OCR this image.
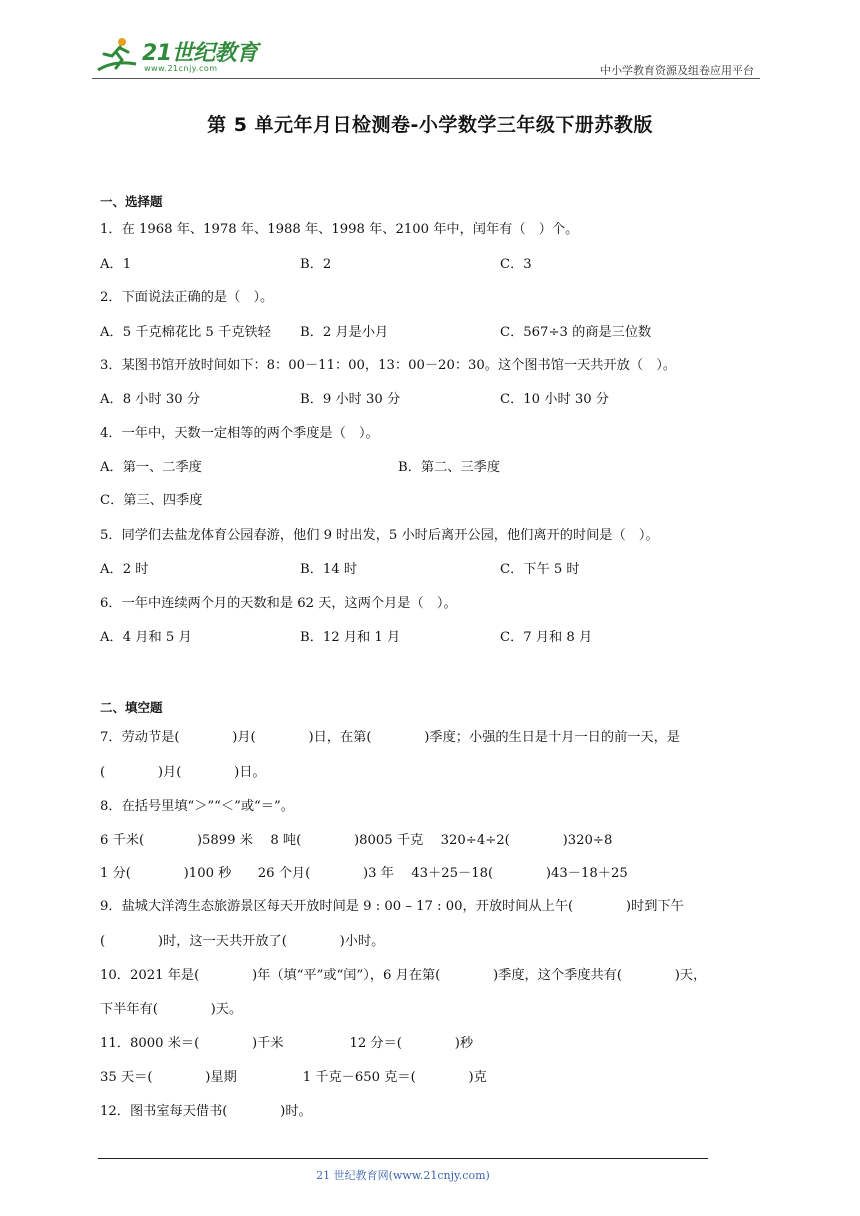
21世纪教育
www.21cnjy.com	中小学教育资源及组卷应用平台
第 5 单元年月日检测卷-小学数学三年级下册苏教版
一、选择题
1．在 1968 年、1978 年、1988 年、1998 年、2100 年中，闰年有（　）个。
A．1	B．2	C．3
2．下面说法正确的是（　）。
A．5 千克棉花比 5 千克铁轻 B．2 月是小月	C．567÷3 的商是三位数
3．某图书馆开放时间如下：8：00－11：00，13：00－20：30。这个图书馆一天共开放（　）。
A．8 小时 30 分	B．9 小时 30 分	C．10 小时 30 分
4．一年中，天数一定相等的两个季度是（　）。
A．第一、二季度	B．第二、三季度
C．第三、四季度
5．同学们去盐龙体育公园春游，他们 9 时出发，5 小时后离开公园，他们离开的时间是（　）。
A．2 时	B．14 时	C．下午 5 时
6．一年中连续两个月的天数和是 62 天，这两个月是（　）。
A．4 月和 5 月	B．12 月和 1 月	C．7 月和 8 月
二、填空题
7．劳动节是(　　　　)月(　　　　)日，在第(　　　　)季度；小强的生日是十月一日的前一天，是
(　　　　)月(　　　　)日。
8．在括号里填“＞”“＜”或“＝”。
6 千米(　　　　)5899 米　 8 吨(　　　　)8005 千克　 320÷4÷2(　　　　)320÷8
1 分(　　　　)100 秒　　26 个月(　　　　)3 年　 43＋25－18(　　　　)43－18＋25
9．盐城大洋湾生态旅游景区每天开放时间是 9 : 00 – 17 : 00，开放时间从上午(　　　　)时到下午
(　　　　)时，这一天共开放了(　　　　)小时。
10．2021 年是(　　　　)年（填“平”或“闰”），6 月在第(　　　　)季度，这个季度共有(　　　　)天，
下半年有(　　　　)天。
11．8000 米＝(　　　　)千米　　　　　12 分＝(　　　　)秒
35 天＝(　　　　)星期　　　　　1 千克－650 克＝(　　　　)克
12．图书室每天借书(　　　　)时。
21 世纪教育网(www.21cnjy.com)
